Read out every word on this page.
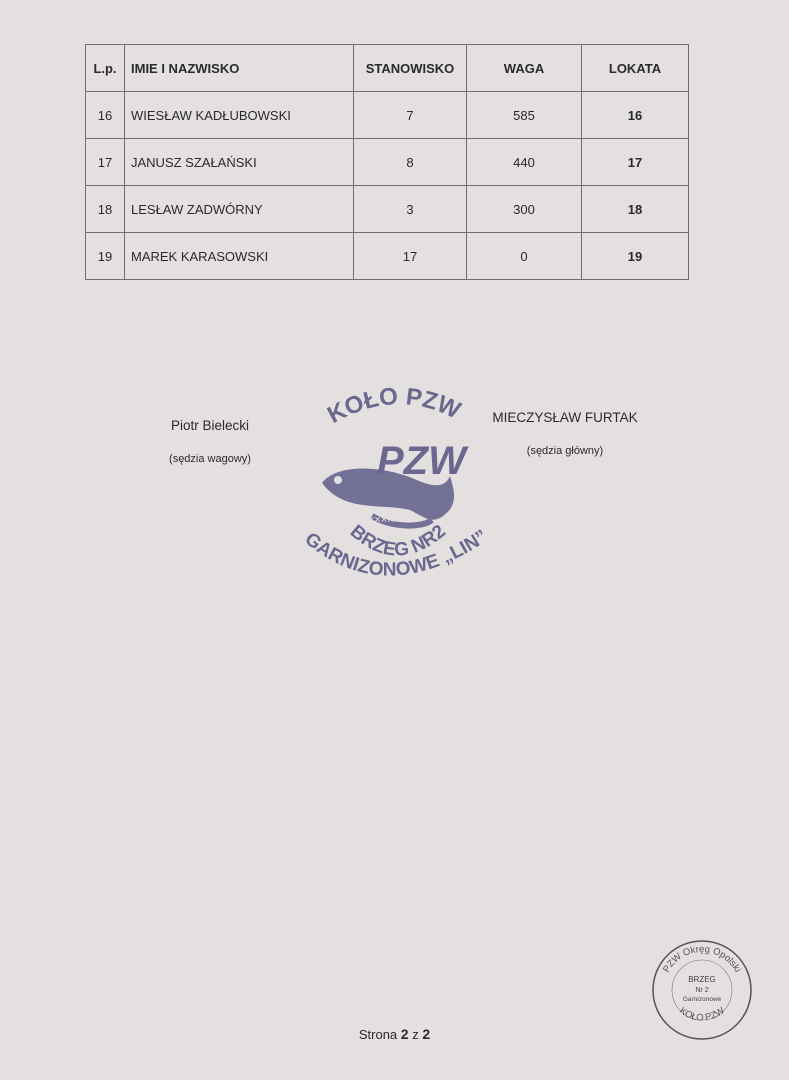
L.p.	IMIE I NAZWISKO	STANOWISKO	WAGA	LOKATA
16	WIESŁAW KADŁUBOWSKI	7	585	16
17	JANUSZ SZAŁAŃSKI	8	440	17
18	LESŁAW ZADWÓRNY	3	300	18
19	MAREK KARASOWSKI	17	0	19
Piotr Bielecki
(sędzia wagowy)
MIECZYSŁAW FURTAK
(sędzia główny)
PZW
××××××
KOŁO PZW
BRZEG NR2
GARNIZONOWE „LIN”
PZW Okręg Opolski
KOŁO PZW
BRZEG
Nr 2
Garnizonowe
Strona 2 z 2
